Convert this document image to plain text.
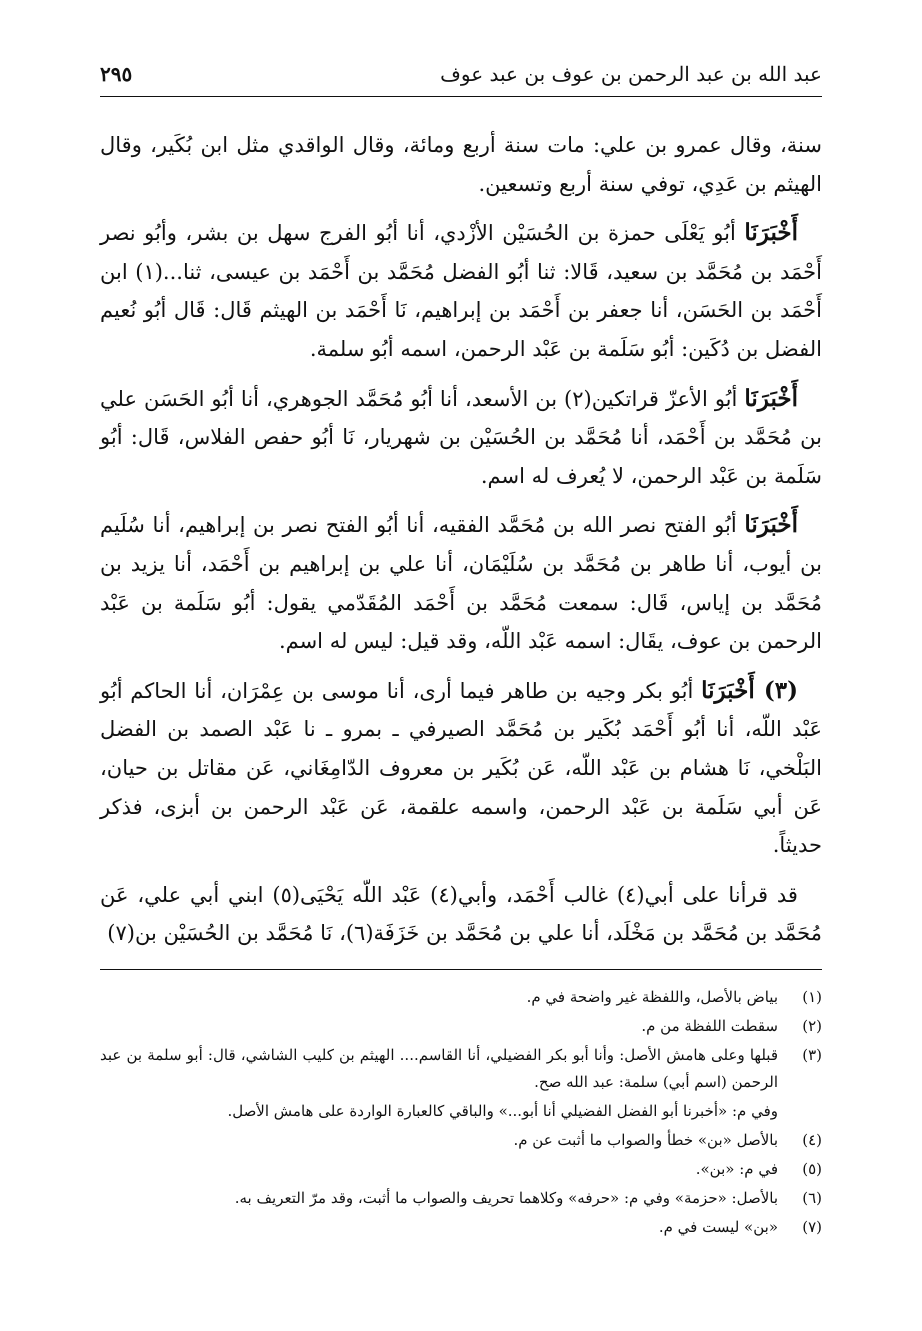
عبد الله بن عبد الرحمن بن عوف بن عبد عوف
٢٩٥

سنة، وقال عمرو بن علي: مات سنة أربع ومائة، وقال الواقدي مثل ابن بُكَير، وقال الهيثم بن عَدِي، توفي سنة أربع وتسعين.

أَخْبَرَنَا أبُو يَعْلَى حمزة بن الحُسَيْن الأزْدي، أنا أبُو الفرج سهل بن بشر، وأبُو نصر أَحْمَد بن مُحَمَّد بن سعيد، قَالا: ثنا أبُو الفضل مُحَمَّد بن أَحْمَد بن عيسى، ثنا...(١) ابن أَحْمَد بن الحَسَن، أنا جعفر بن أَحْمَد بن إبراهيم، نَا أَحْمَد بن الهيثم قَال: قَال أبُو نُعيم الفضل بن دُكَين: أبُو سَلَمة بن عَبْد الرحمن، اسمه أبُو سلمة.

أَخْبَرَنَا أبُو الأعزّ قراتكين(٢) بن الأسعد، أنا أبُو مُحَمَّد الجوهري، أنا أبُو الحَسَن علي بن مُحَمَّد بن أَحْمَد، أنا مُحَمَّد بن الحُسَيْن بن شهريار، نَا أبُو حفص الفلاس، قَال: أبُو سَلَمة بن عَبْد الرحمن، لا يُعرف له اسم.

أَخْبَرَنَا أبُو الفتح نصر الله بن مُحَمَّد الفقيه، أنا أبُو الفتح نصر بن إبراهيم، أنا سُلَيم بن أيوب، أنا طاهر بن مُحَمَّد بن سُلَيْمَان، أنا علي بن إبراهيم بن أَحْمَد، أنا يزيد بن مُحَمَّد بن إياس، قَال: سمعت مُحَمَّد بن أَحْمَد المُقَدّمي يقول: أبُو سَلَمة بن عَبْد الرحمن بن عوف، يقَال: اسمه عَبْد اللّه، وقد قيل: ليس له اسم.

(٣) أَخْبَرَنَا أبُو بكر وجيه بن طاهر فيما أرى، أنا موسى بن عِمْرَان، أنا الحاكم أبُو عَبْد اللّه، أنا أبُو أَحْمَد بُكَير بن مُحَمَّد الصيرفي ـ بمرو ـ نا عَبْد الصمد بن الفضل البَلْخي، نَا هشام بن عَبْد اللّه، عَن بُكَير بن معروف الدّامِغَاني، عَن مقاتل بن حيان، عَن أبي سَلَمة بن عَبْد الرحمن، واسمه علقمة، عَن عَبْد الرحمن بن أبزى، فذكر حديثاً.

قد قرأنا على أبي(٤) غالب أَحْمَد، وأبي(٤) عَبْد اللّه يَحْيَى(٥) ابني أبي علي، عَن مُحَمَّد بن مُحَمَّد بن مَخْلَد، أنا علي بن مُحَمَّد بن خَزَفَة(٦)، نَا مُحَمَّد بن الحُسَيْن بن(٧)

(١)
بياض بالأصل، واللفظة غير واضحة في م.
(٢)
سقطت اللفظة من م.
(٣)
قبلها وعلى هامش الأصل: وأنا أبو بكر الفضيلي، أنا القاسم.... الهيثم بن كليب الشاشي، قال: أبو سلمة بن عبد الرحمن (اسم أبي) سلمة: عبد الله صح.
وفي م: «أخبرنا أبو الفضل الفضيلي أنا أبو...» والباقي كالعبارة الواردة على هامش الأصل.
(٤)
بالأصل «بن» خطأ والصواب ما أثبت عن م.
(٥)
في م: «بن».
(٦)
بالأصل: «حزمة» وفي م: «حرفه» وكلاهما تحريف والصواب ما أثبت، وقد مرّ التعريف به.
(٧)
«بن» ليست في م.
